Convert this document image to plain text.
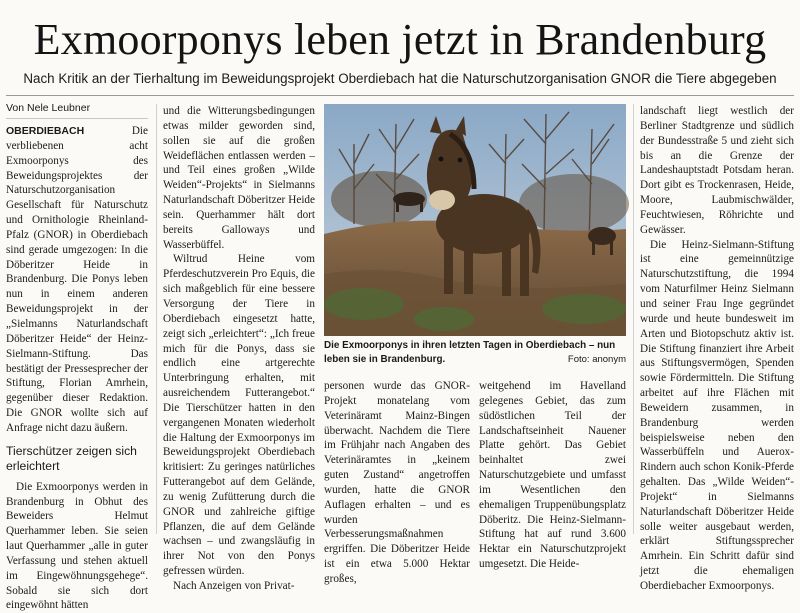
Exmoorponys leben jetzt in Brandenburg
Nach Kritik an der Tierhaltung im Beweidungsprojekt Oberdiebach hat die Naturschutzorganisation GNOR die Tiere abgegeben
Von Nele Leubner

OBERDIEBACH	Die verbliebenen acht Exmoorponys des Beweidungsprojektes der Naturschutzorganisation Gesellschaft für Naturschutz und Ornithologie Rheinland-Pfalz (GNOR) in Oberdiebach sind gerade umgezogen: In die Döberitzer Heide in Brandenburg. Die Ponys leben nun in einem anderen Beweidungsprojekt in der „Sielmanns Naturlandschaft Döberitzer Heide“ der Heinz-Sielmann-Stiftung. Das bestätigt der Pressesprecher der Stiftung, Florian Amrhein, gegenüber dieser Redaktion. Die GNOR wollte sich auf Anfrage nicht dazu äußern.

Tierschützer zeigen sich erleichtert

Die Exmoorponys werden in Brandenburg in Obhut des Beweiders Helmut Querhammer leben. Sie seien laut Querhammer „alle in guter Verfassung und stehen aktuell im Eingewöhnungsgehege“. Sobald sie sich dort eingewöhnt hätten

und die Witterungsbedingungen etwas milder geworden sind, sollen sie auf die großen Weideflächen entlassen werden – und Teil eines großen „Wilde Weiden“-Projekts“ in Sielmanns Naturlandschaft Döberitzer Heide sein. Querhammer hält dort bereits Galloways und Wasserbüffel.

Wiltrud Heine vom Pferdeschutzverein Pro Equis, die sich maßgeblich für eine bessere Versorgung der Tiere in Oberdiebach eingesetzt hatte, zeigt sich „erleichtert“: „Ich freue mich für die Ponys, dass sie endlich eine artgerechte Unterbringung erhalten, mit ausreichendem Futterangebot.“ Die Tierschützer hatten in den vergangenen Monaten wiederholt die Haltung der Exmoorponys im Beweidungsprojekt Oberdiebach kritisiert: Zu geringes natürliches Futterangebot auf dem Gelände, zu wenig Zufütterung durch die GNOR und zahlreiche giftige Pflanzen, die auf dem Gelände wachsen – und zwangsläufig in ihrer Not von den Ponys gefressen würden.

Nach Anzeigen von Privat-

Die Exmoorponys in ihren letzten Tagen in Oberdiebach – nun leben sie in Brandenburg.	Foto: anonym

personen wurde das GNOR-Projekt monatelang vom Veterinäramt Mainz-Bingen überwacht. Nachdem die Tiere im Frühjahr nach Angaben des Veterinäramtes in „keinem guten Zustand“ angetroffen wurden, hatte die GNOR Auflagen erhalten – und es wurden Verbesserungsmaßnahmen ergriffen. Die Döberitzer Heide ist ein etwa 5.000 Hektar großes,

weitgehend im Havelland gelegenes Gebiet, das zum südöstlichen Teil der Landschaftseinheit Nauener Platte gehört. Das Gebiet beinhaltet zwei Naturschutzgebiete und umfasst im Wesentlichen den ehemaligen Truppenübungsplatz Döberitz. Die Heinz-Sielmann-Stiftung hat auf rund 3.600 Hektar ein Naturschutzprojekt umgesetzt. Die Heide-

landschaft liegt westlich der Berliner Stadtgrenze und südlich der Bundesstraße 5 und zieht sich bis an die Grenze der Landeshauptstadt Potsdam heran. Dort gibt es Trockenrasen, Heide, Moore, Laubmischwälder, Feuchtwiesen, Röhrichte und Gewässer.

Die Heinz-Sielmann-Stiftung ist eine gemeinnützige Naturschutzstiftung, die 1994 vom Naturfilmer Heinz Sielmann und seiner Frau Inge gegründet wurde und heute bundesweit im Arten und Biotopschutz aktiv ist. Die Stiftung finanziert ihre Arbeit aus Stiftungsvermögen, Spenden sowie Fördermitteln. Die Stiftung arbeitet auf ihre Flächen mit Beweidern zusammen, in Brandenburg werden beispielsweise neben den Wasserbüffeln und Auerox-Rindern auch schon Konik-Pferde gehalten. Das „Wilde Weiden“-Projekt“ in Sielmanns Naturlandschaft Döberitzer Heide solle weiter ausgebaut werden, erklärt Stiftungssprecher Amrhein. Ein Schritt dafür sind jetzt die ehemaligen Oberdiebacher Exmoorponys.
